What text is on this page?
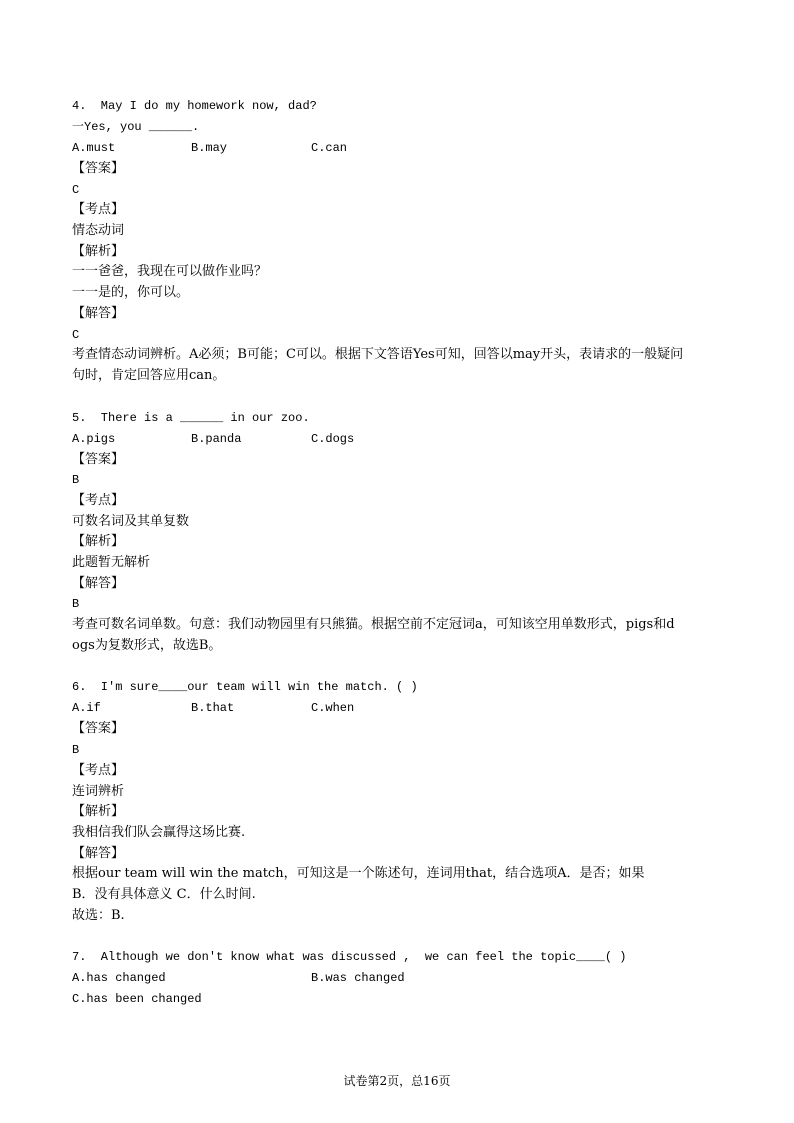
4.  May I do my homework now, dad?
一Yes, you ______.
A.must	B.may	C.can
【答案】
C
【考点】
情态动词
【解析】
一一爸爸，我现在可以做作业吗？
一一是的，你可以。
【解答】
C
考查情态动词辨析。A必须；B可能；C可以。根据下文答语Yes可知，回答以may开头，表请求的一般疑问
句时，肯定回答应用can。
5.  There is a ______ in our zoo.
A.pigs	B.panda	C.dogs
【答案】
B
【考点】
可数名词及其单复数
【解析】
此题暂无解析
【解答】
B
考查可数名词单数。句意：我们动物园里有只熊猫。根据空前不定冠词a，可知该空用单数形式，pigs和d
ogs为复数形式，故选B。
6.  I'm sure____our team will win the match. ( )
A.if	B.that	C.when
【答案】
B
【考点】
连词辨析
【解析】
我相信我们队会赢得这场比赛.
【解答】
根据our team will win the match，可知这是一个陈述句，连词用that，结合选项A．是否；如果
B．没有具体意义 C．什么时间.
故选：B.
7.  Although we don't know what was discussed ,  we can feel the topic____( )
A.has changed	B.was changed
C.has been changed
试卷第2页，总16页
